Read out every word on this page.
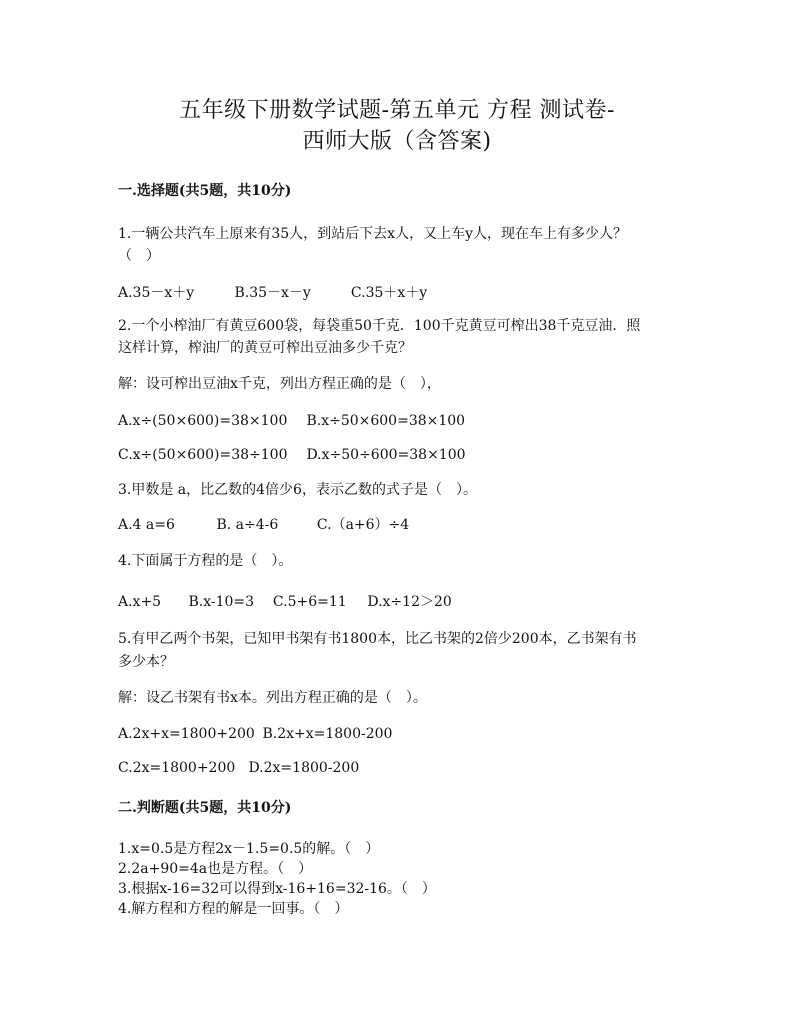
五年级下册数学试题-第五单元 方程 测试卷-
西师大版（含答案)
一.选择题(共5题，共10分)
1.一辆公共汽车上原来有35人，到站后下去x人，又上车y人，现在车上有多少人？
（　）
A.35－x＋y	B.35－x－y	C.35＋x＋y
2.一个小榨油厂有黄豆600袋，每袋重50千克．100千克黄豆可榨出38千克豆油．照
这样计算，榨油厂的黄豆可榨出豆油多少千克？
解：设可榨出豆油x千克，列出方程正确的是（　），
A.x÷(50×600)=38×100 B.x÷50×600=38×100
C.x÷(50×600)=38÷100 D.x÷50÷600=38×100
3.甲数是 a，比乙数的4倍少6，表示乙数的式子是（　）。
A.4 a=6	B. a÷4-6	C.（a+6）÷4
4.下面属于方程的是（　）。
A.x+5 B.x-10=3 C.5+6=11 D.x÷12＞20
5.有甲乙两个书架，已知甲书架有书1800本，比乙书架的2倍少200本，乙书架有书
多少本？
解：设乙书架有书x本。列出方程正确的是（　）。
A.2x+x=1800+200 B.2x+x=1800-200
C.2x=1800+200 D.2x=1800-200
二.判断题(共5题，共10分)
1.x=0.5是方程2x－1.5=0.5的解。（　）
2.2a+90=4a也是方程。（　）
3.根据x-16=32可以得到x-16+16=32-16。（　）
4.解方程和方程的解是一回事。（　）
